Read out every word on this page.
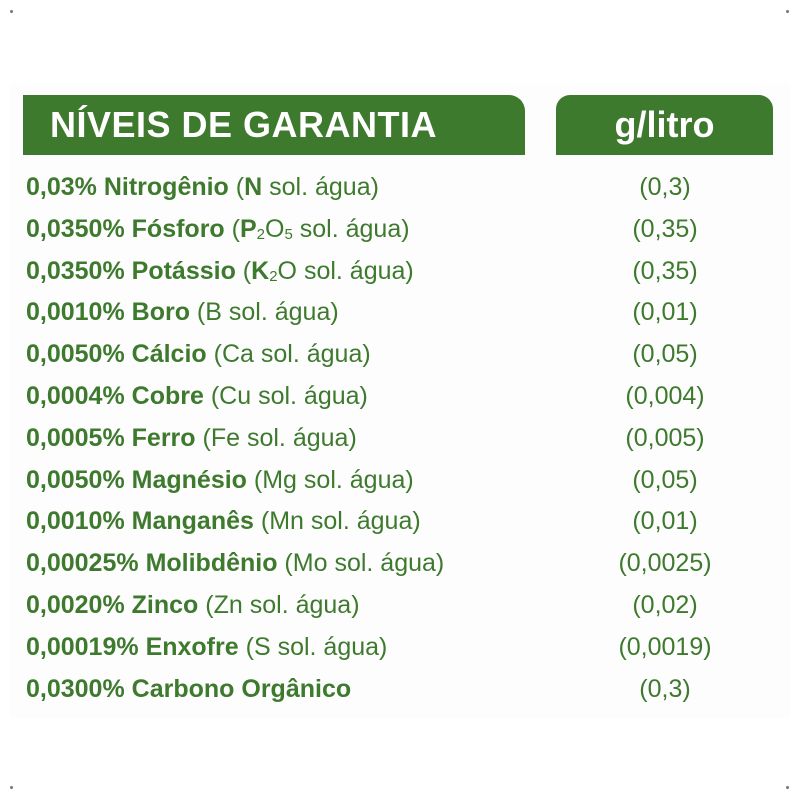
NÍVEIS DE GARANTIA	g/litro
0,03% Nitrogênio (N sol. água)	(0,3)
0,0350% Fósforo (P2O5 sol. água)	(0,35)
0,0350% Potássio (K2O sol. água)	(0,35)
0,0010% Boro (B sol. água)	(0,01)
0,0050% Cálcio (Ca sol. água)	(0,05)
0,0004% Cobre (Cu sol. água)	(0,004)
0,0005% Ferro (Fe sol. água)	(0,005)
0,0050% Magnésio (Mg sol. água)	(0,05)
0,0010% Manganês (Mn sol. água)	(0,01)
0,00025% Molibdênio (Mo sol. água)	(0,0025)
0,0020% Zinco (Zn sol. água)	(0,02)
0,00019% Enxofre (S sol. água)	(0,0019)
0,0300% Carbono Orgânico	(0,3)
